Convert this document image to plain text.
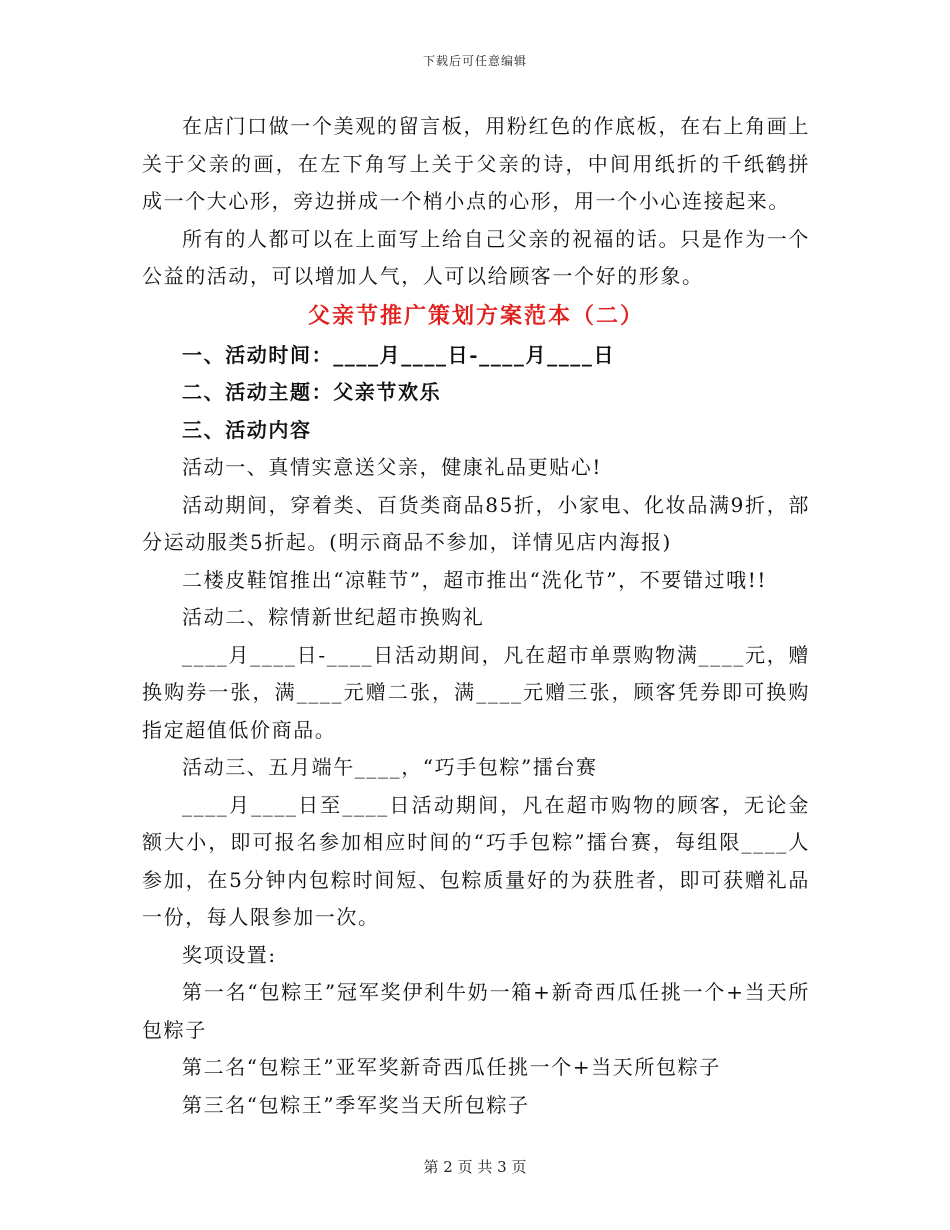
下载后可任意编辑

在店门口做一个美观的留言板，用粉红色的作底板，在右上角画上关于父亲的画，在左下角写上关于父亲的诗，中间用纸折的千纸鹤拼成一个大心形，旁边拼成一个梢小点的心形，用一个小心连接起来。

所有的人都可以在上面写上给自己父亲的祝福的话。只是作为一个公益的活动，可以增加人气，人可以给顾客一个好的形象。

父亲节推广策划方案范本（二）

一、活动时间：____月____日-____月____日

二、活动主题：父亲节欢乐

三、活动内容

活动一、真情实意送父亲，健康礼品更贴心!

活动期间，穿着类、百货类商品85折，小家电、化妆品满9折，部分运动服类5折起。(明示商品不参加，详情见店内海报)

二楼皮鞋馆推出“凉鞋节”，超市推出“洗化节”，不要错过哦!!

活动二、粽情新世纪超市换购礼

____月____日-____日活动期间，凡在超市单票购物满____元，赠换购券一张，满____元赠二张，满____元赠三张，顾客凭券即可换购指定超值低价商品。

活动三、五月端午____，“巧手包粽”擂台赛

____月____日至____日活动期间，凡在超市购物的顾客，无论金额大小，即可报名参加相应时间的“巧手包粽”擂台赛，每组限____人参加，在5分钟内包粽时间短、包粽质量好的为获胜者，即可获赠礼品一份，每人限参加一次。

奖项设置:

第一名“包粽王”冠军奖伊利牛奶一箱+新奇西瓜任挑一个+当天所包粽子

第二名“包粽王”亚军奖新奇西瓜任挑一个+当天所包粽子

第三名“包粽王”季军奖当天所包粽子

第 2 页 共 3 页
